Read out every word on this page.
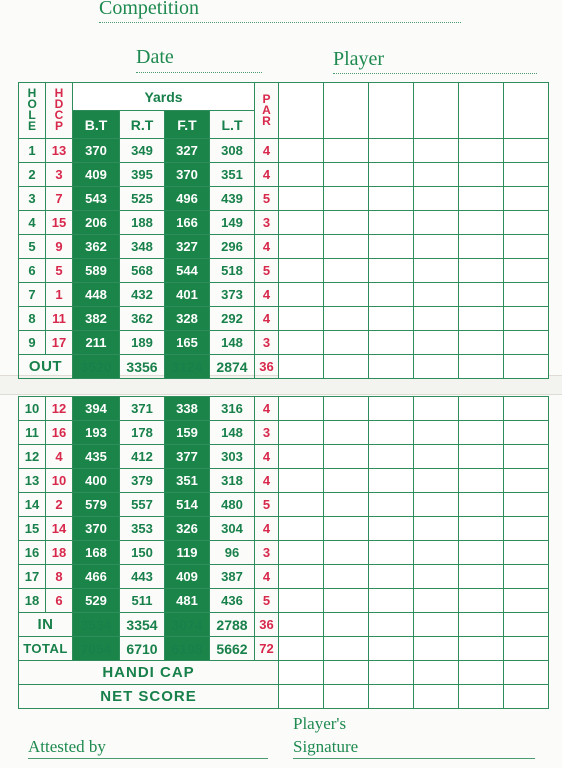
Competition
Date	Player
HOLE	HDCP	Yards				PAR						
		B.T	R.T	F.T	L.T							
1	13	370	349	327	308	4						
2	3	409	395	370	351	4						
3	7	543	525	496	439	5						
4	15	206	188	166	149	3						
5	9	362	348	327	296	4						
6	5	589	568	544	518	5						
7	1	448	432	401	373	4						
8	11	382	362	328	292	4						
9	17	211	189	165	148	3						
OUT		3520	3356	3124	2874	36						
10	12	394	371	338	316	4						
11	16	193	178	159	148	3						
12	4	435	412	377	303	4						
13	10	400	379	351	318	4						
14	2	579	557	514	480	5						
15	14	370	353	326	304	4						
16	18	168	150	119	96	3						
17	8	466	443	409	387	4						
18	6	529	511	481	436	5						
IN		3534	3354	3074	2788	36						
TOTAL		7054	6710	6198	5662	72						
HANDI CAP												
NET SCORE												
Attested by
Player's
Signature
